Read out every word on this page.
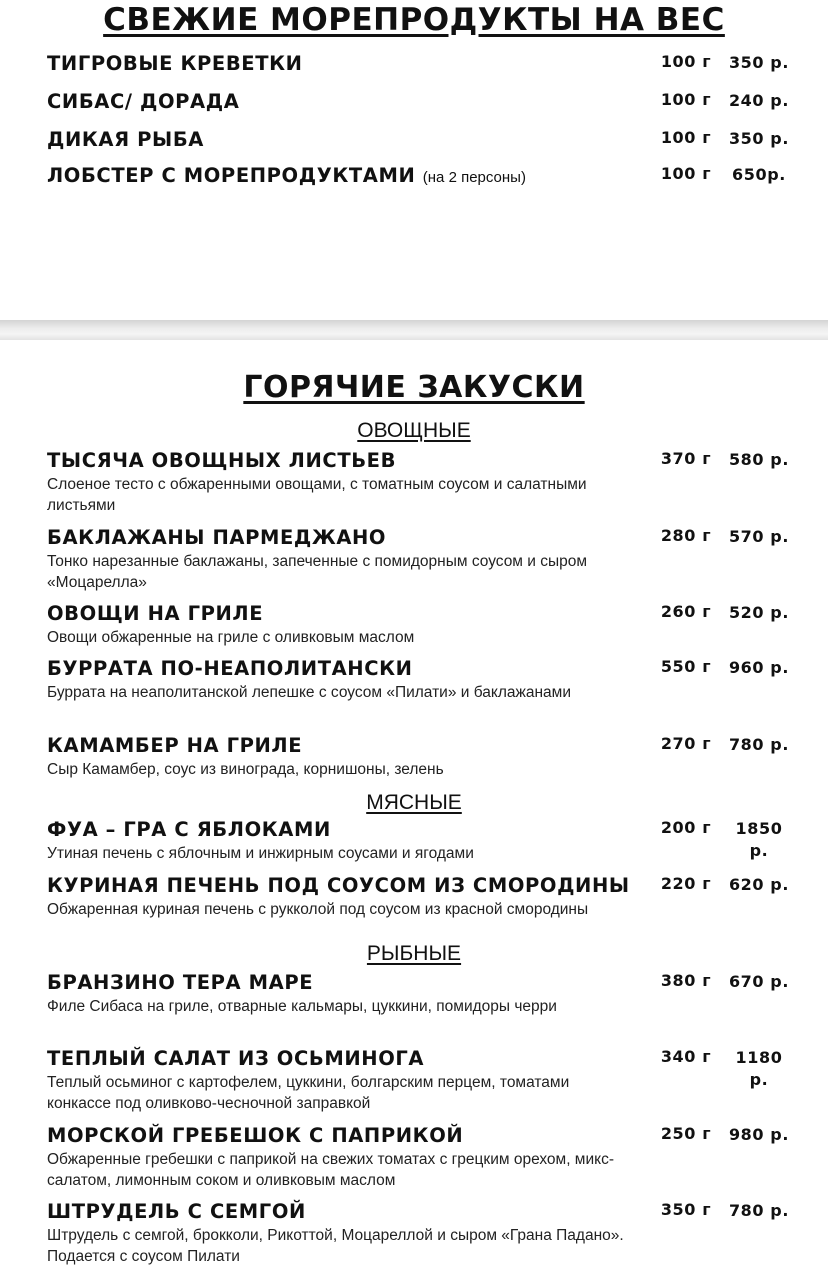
СВЕЖИЕ МОРЕПРОДУКТЫ НА ВЕС
ТИГРОВЫЕ КРЕВЕТКИ	100 г	350 р.
СИБАС/ ДОРАДА	100 г	240 р.
ДИКАЯ РЫБА	100 г	350 р.
ЛОБСТЕР С МОРЕПРОДУКТАМИ (на 2 персоны)	100 г	650р.
ГОРЯЧИЕ ЗАКУСКИ
ОВОЩНЫЕ
ТЫСЯЧА ОВОЩНЫХ ЛИСТЬЕВ	370 г	580 р.
Слоеное тесто с обжаренными овощами, с томатным соусом и салатными листьями
БАКЛАЖАНЫ ПАРМЕДЖАНО	280 г	570 р.
Тонко нарезанные баклажаны, запеченные с помидорным соусом и сыром «Моцарелла»
ОВОЩИ НА ГРИЛЕ	260 г	520 р.
Овощи обжаренные на гриле с оливковым маслом
БУРРАТА ПО-НЕАПОЛИТАНСКИ	550 г	960 р.
Буррата на неаполитанской лепешке с соусом «Пилати» и баклажанами
КАМАМБЕР НА ГРИЛЕ	270 г	780 р.
Сыр Камамбер, соус из винограда, корнишоны, зелень
МЯСНЫЕ
ФУА – ГРА С ЯБЛОКАМИ	200 г	1850 р.
Утиная печень с яблочным и инжирным соусами и ягодами
КУРИНАЯ ПЕЧЕНЬ ПОД СОУСОМ ИЗ СМОРОДИНЫ	220 г	620 р.
Обжаренная куриная печень с рукколой под соусом из красной смородины
РЫБНЫЕ
БРАНЗИНО ТЕРА МАРЕ	380 г	670 р.
Филе Сибаса на гриле, отварные кальмары, цуккини, помидоры черри
ТЕПЛЫЙ САЛАТ ИЗ ОСЬМИНОГА	340 г	1180 р.
Теплый осьминог с картофелем, цуккини, болгарским перцем, томатами конкассе под оливково-чесночной заправкой
МОРСКОЙ ГРЕБЕШОК С ПАПРИКОЙ	250 г	980 р.
Обжаренные гребешки с паприкой на свежих томатах с грецким орехом, микс-салатом, лимонным соком и оливковым маслом
ШТРУДЕЛЬ С СЕМГОЙ	350 г	780 р.
Штрудель с семгой, брокколи, Рикоттой, Моцареллой и сыром «Грана Падано». Подается с соусом Пилати
